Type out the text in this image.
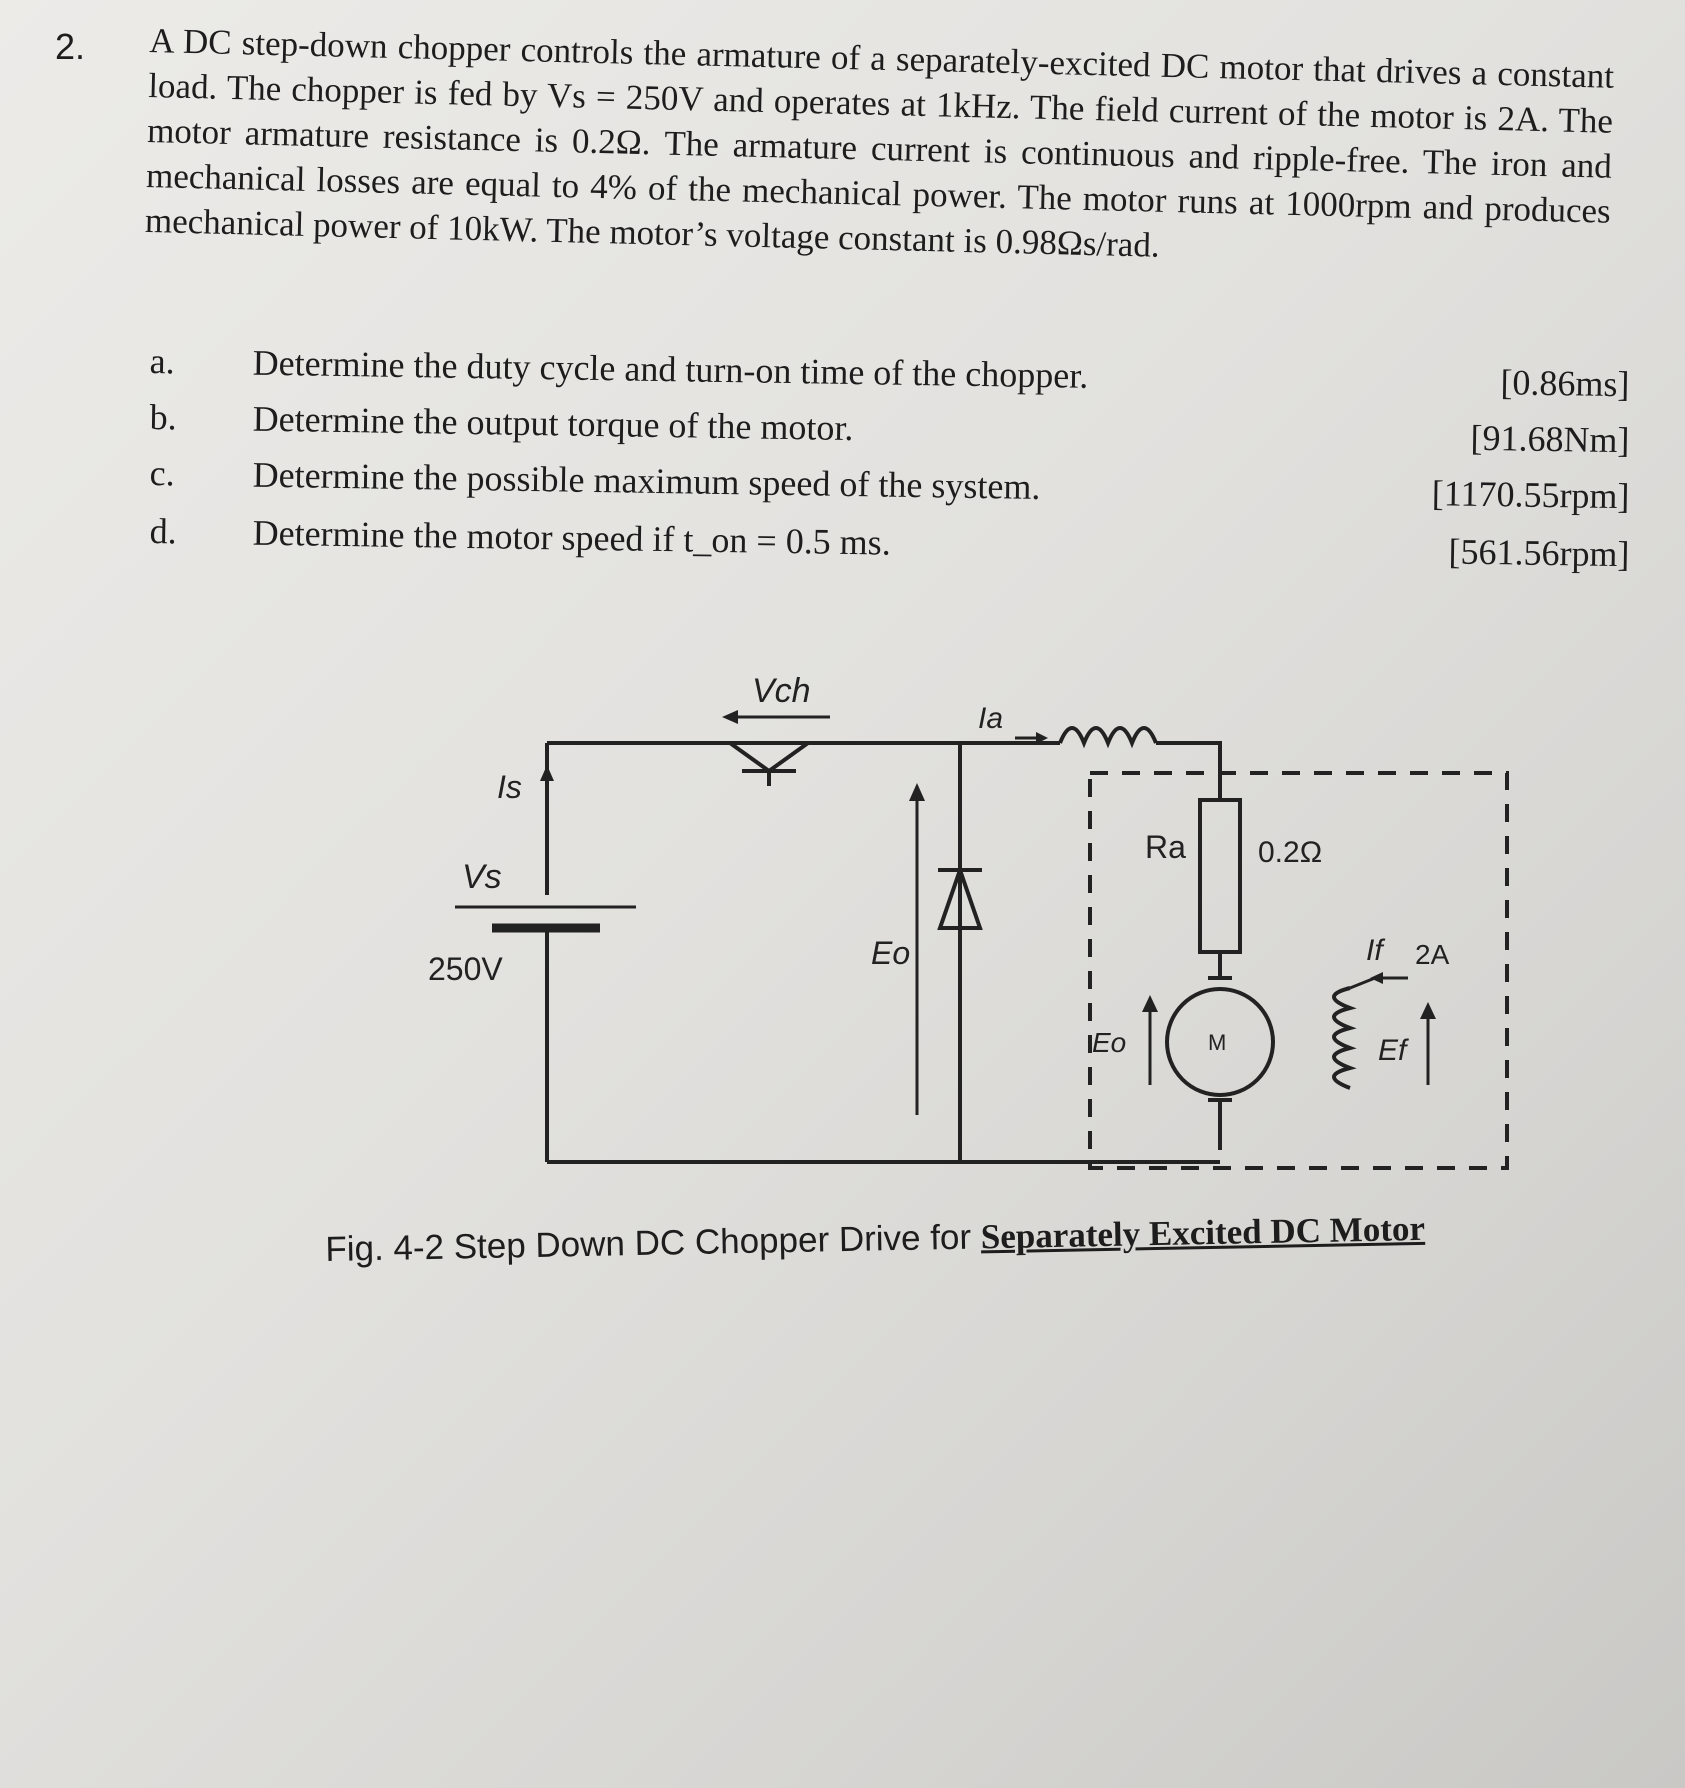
2. A DC step-down chopper controls the armature of a separately-excited DC motor that drives a constant load. The chopper is fed by Vs = 250V and operates at 1kHz. The field current of the motor is 2A. The motor armature resistance is 0.2Ω. The armature current is continuous and ripple-free. The iron and mechanical losses are equal to 4% of the mechanical power. The motor runs at 1000rpm and produces mechanical power of 10kW. The motor’s voltage constant is 0.98Ωs/rad.

a. Determine the duty cycle and turn-on time of the chopper.	[0.86ms]
b. Determine the output torque of the motor.	[91.68Nm]
c. Determine the possible maximum speed of the system.	[1170.55rpm]
d. Determine the motor speed if t_on = 0.5 ms.	[561.56rpm]
Vch
Ia
Is
Vs
250V	Eo
Ra 0.2Ω
If 2A
Eo	M	Ef
Fig. 4-2 Step Down DC Chopper Drive for Separately Excited DC Motor
